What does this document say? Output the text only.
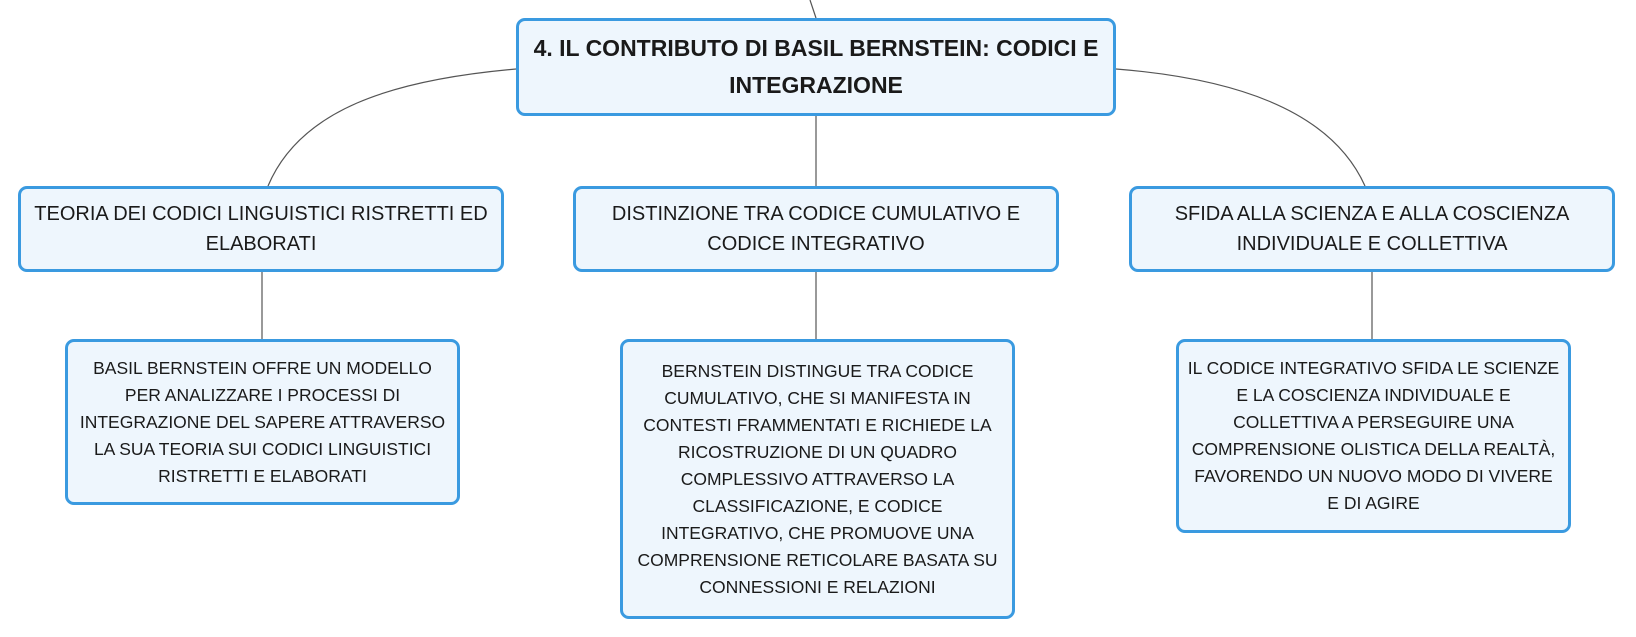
4. IL CONTRIBUTO DI BASIL BERNSTEIN: CODICI E INTEGRAZIONE
TEORIA DEI CODICI LINGUISTICI RISTRETTI ED ELABORATI
DISTINZIONE TRA CODICE CUMULATIVO E CODICE INTEGRATIVO
SFIDA ALLA SCIENZA E ALLA COSCIENZA INDIVIDUALE E COLLETTIVA
BASIL BERNSTEIN OFFRE UN MODELLO PER ANALIZZARE I PROCESSI DI INTEGRAZIONE DEL SAPERE ATTRAVERSO LA SUA TEORIA SUI CODICI LINGUISTICI RISTRETTI E ELABORATI
BERNSTEIN DISTINGUE TRA CODICE CUMULATIVO, CHE SI MANIFESTA IN CONTESTI FRAMMENTATI E RICHIEDE LA RICOSTRUZIONE DI UN QUADRO COMPLESSIVO ATTRAVERSO LA CLASSIFICAZIONE, E CODICE INTEGRATIVO, CHE PROMUOVE UNA COMPRENSIONE RETICOLARE BASATA SU CONNESSIONI E RELAZIONI
IL CODICE INTEGRATIVO SFIDA LE SCIENZE E LA COSCIENZA INDIVIDUALE E COLLETTIVA A PERSEGUIRE UNA COMPRENSIONE OLISTICA DELLA REALTÀ, FAVORENDO UN NUOVO MODO DI VIVERE E DI AGIRE
